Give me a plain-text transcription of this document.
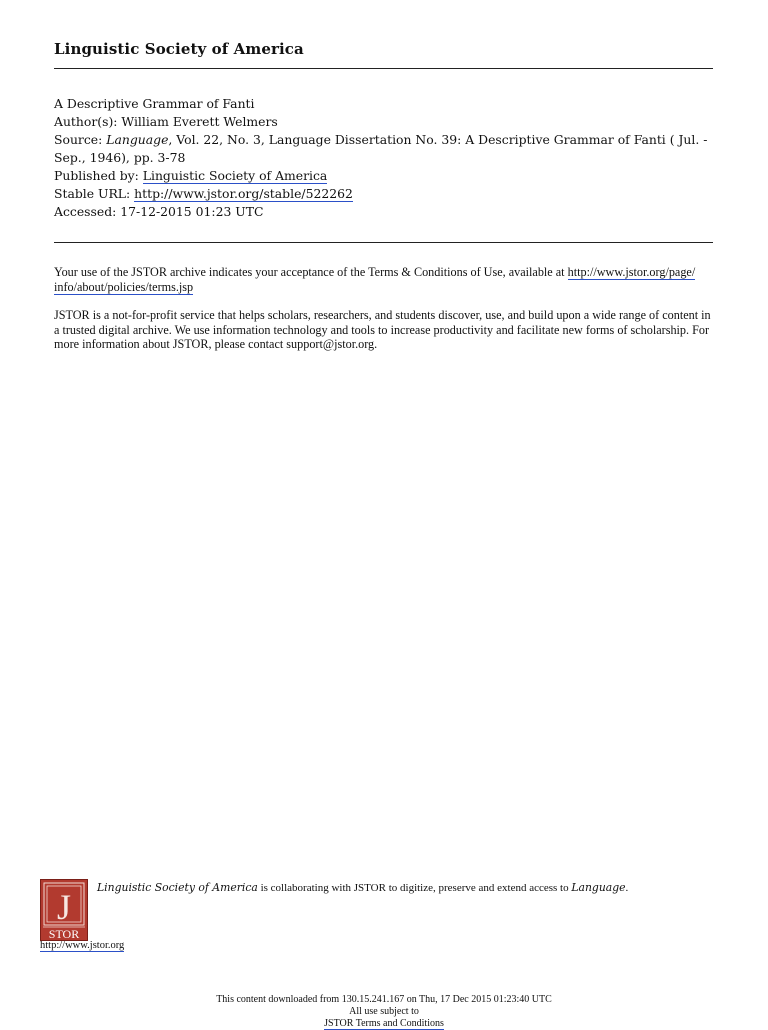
Linguistic Society of America
A Descriptive Grammar of Fanti
Author(s): William Everett Welmers
Source: Language, Vol. 22, No. 3, Language Dissertation No. 39: A Descriptive Grammar of Fanti ( Jul. - Sep., 1946), pp. 3-78
Published by: Linguistic Society of America
Stable URL: http://www.jstor.org/stable/522262
Accessed: 17-12-2015 01:23 UTC

Your use of the JSTOR archive indicates your acceptance of the Terms & Conditions of Use, available at http://www.jstor.org/page/ info/about/policies/terms.jsp

JSTOR is a not-for-profit service that helps scholars, researchers, and students discover, use, and build upon a wide range of content in a trusted digital archive. We use information technology and tools to increase productivity and facilitate new forms of scholarship. For more information about JSTOR, please contact support@jstor.org.

J
STOR
http://www.jstor.org
Linguistic Society of America is collaborating with JSTOR to digitize, preserve and extend access to Language.
This content downloaded from 130.15.241.167 on Thu, 17 Dec 2015 01:23:40 UTC
All use subject to
JSTOR Terms and Conditions
